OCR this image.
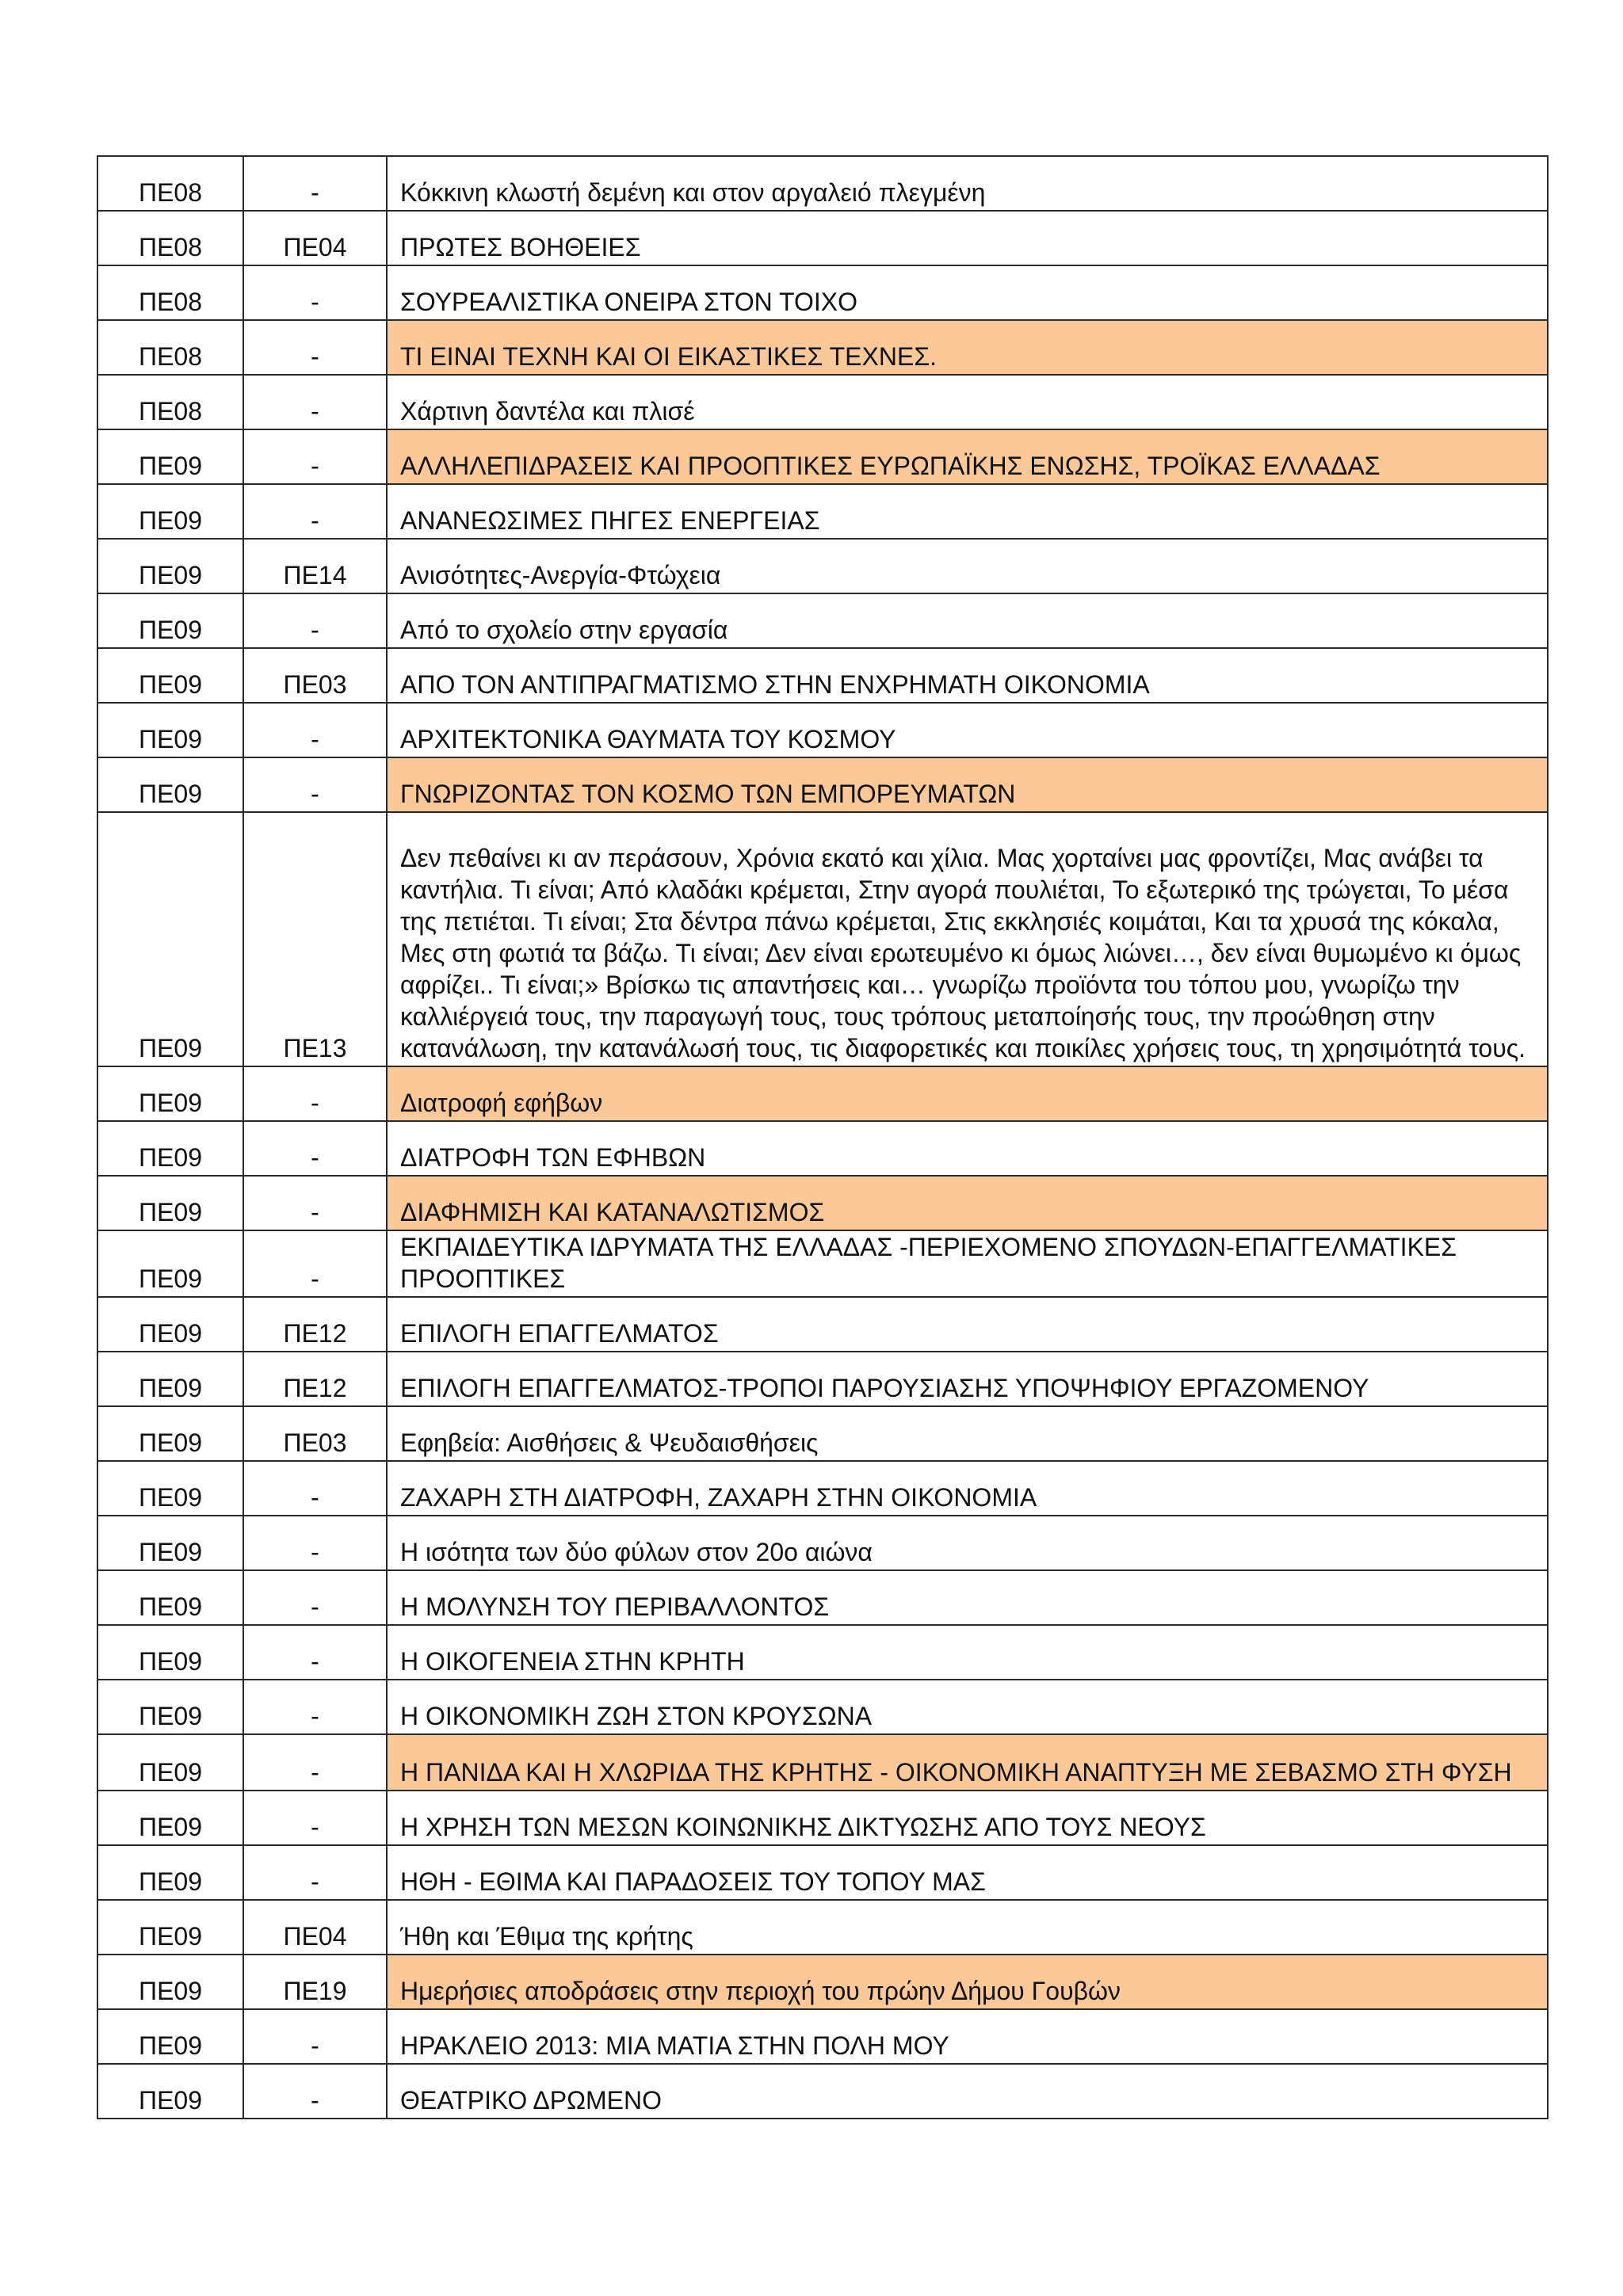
ΠΕ08	-	Κόκκινη κλωστή δεμένη και στον αργαλειό πλεγμένη
ΠΕ08	ΠΕ04	ΠΡΩΤΕΣ ΒΟΗΘΕΙΕΣ
ΠΕ08	-	ΣΟΥΡΕΑΛΙΣΤΙΚΑ ΟΝΕΙΡΑ ΣΤΟΝ ΤΟΙΧΟ
ΠΕ08	-	ΤΙ ΕΙΝΑΙ ΤΕΧΝΗ ΚΑΙ ΟΙ ΕΙΚΑΣΤΙΚΕΣ ΤΕΧΝΕΣ.
ΠΕ08	-	Χάρτινη δαντέλα και πλισέ
ΠΕ09	-	ΑΛΛΗΛΕΠΙΔΡΑΣΕΙΣ ΚΑΙ ΠΡΟΟΠΤΙΚΕΣ ΕΥΡΩΠΑΪΚΗΣ ΕΝΩΣΗΣ, ΤΡΟΪΚΑΣ ΕΛΛΑΔΑΣ
ΠΕ09	-	ΑΝΑΝΕΩΣΙΜΕΣ ΠΗΓΕΣ ΕΝΕΡΓΕΙΑΣ
ΠΕ09	ΠΕ14	Ανισότητες-Ανεργία-Φτώχεια
ΠΕ09	-	Από το σχολείο στην εργασία
ΠΕ09	ΠΕ03	ΑΠΟ ΤΟΝ ΑΝΤΙΠΡΑΓΜΑΤΙΣΜΟ ΣΤΗΝ ΕΝΧΡΗΜΑΤΗ ΟΙΚΟΝΟΜΙΑ
ΠΕ09	-	ΑΡΧΙΤΕΚΤΟΝΙΚΑ ΘΑΥΜΑΤΑ ΤΟΥ ΚΟΣΜΟΥ
ΠΕ09	-	ΓΝΩΡΙΖΟΝΤΑΣ ΤΟΝ ΚΟΣΜΟ ΤΩΝ ΕΜΠΟΡΕΥΜΑΤΩΝ
ΠΕ09	ΠΕ13	Δεν πεθαίνει κι αν περάσουν, Χρόνια εκατό και χίλια. Μας χορταίνει μας φροντίζει, Μας ανάβει τα καντήλια. Τι είναι; Από κλαδάκι κρέμεται, Στην αγορά πουλιέται, Το εξωτερικό της τρώγεται, Το μέσα της πετιέται. Τι είναι; Στα δέντρα πάνω κρέμεται, Στις εκκλησιές κοιμάται, Και τα χρυσά της κόκαλα, Μες στη φωτιά τα βάζω. Τι είναι; Δεν είναι ερωτευμένο κι όμως λιώνει…, δεν είναι θυμωμένο κι όμως αφρίζει.. Τι είναι;» Βρίσκω τις απαντήσεις και… γνωρίζω προϊόντα του τόπου μου, γνωρίζω την καλλιέργειά τους, την παραγωγή τους, τους τρόπους μεταποίησής τους, την προώθηση στην κατανάλωση, την κατανάλωσή τους, τις διαφορετικές και ποικίλες χρήσεις τους, τη χρησιμότητά τους.
ΠΕ09	-	Διατροφή εφήβων
ΠΕ09	-	ΔΙΑΤΡΟΦΗ ΤΩΝ ΕΦΗΒΩΝ
ΠΕ09	-	ΔΙΑΦΗΜΙΣΗ ΚΑΙ ΚΑΤΑΝΑΛΩΤΙΣΜΟΣ
ΠΕ09	-	ΕΚΠΑΙΔΕΥΤΙΚΑ ΙΔΡΥΜΑΤΑ ΤΗΣ ΕΛΛΑΔΑΣ -ΠΕΡΙΕΧΟΜΕΝΟ ΣΠΟΥΔΩΝ-ΕΠΑΓΓΕΛΜΑΤΙΚΕΣ ΠΡΟΟΠΤΙΚΕΣ
ΠΕ09	ΠΕ12	ΕΠΙΛΟΓΗ ΕΠΑΓΓΕΛΜΑΤΟΣ
ΠΕ09	ΠΕ12	ΕΠΙΛΟΓΗ ΕΠΑΓΓΕΛΜΑΤΟΣ-ΤΡΟΠΟΙ ΠΑΡΟΥΣΙΑΣΗΣ ΥΠΟΨΗΦΙΟΥ ΕΡΓΑΖΟΜΕΝΟΥ
ΠΕ09	ΠΕ03	Εφηβεία: Αισθήσεις & Ψευδαισθήσεις
ΠΕ09	-	ΖΑΧΑΡΗ ΣΤΗ ΔΙΑΤΡΟΦΗ, ΖΑΧΑΡΗ ΣΤΗΝ ΟΙΚΟΝΟΜΙΑ
ΠΕ09	-	Η ισότητα των δύο φύλων στον 20ο αιώνα
ΠΕ09	-	Η ΜΟΛΥΝΣΗ ΤΟΥ ΠΕΡΙΒΑΛΛΟΝΤΟΣ
ΠΕ09	-	Η ΟΙΚΟΓΕΝΕΙΑ ΣΤΗΝ ΚΡΗΤΗ
ΠΕ09	-	Η ΟΙΚΟΝΟΜΙΚΗ ΖΩΗ ΣΤΟΝ ΚΡΟΥΣΩΝΑ
ΠΕ09	-	Η ΠΑΝΙΔΑ ΚΑΙ Η ΧΛΩΡΙΔΑ ΤΗΣ ΚΡΗΤΗΣ - ΟΙΚΟΝΟΜΙΚΗ ΑΝΑΠΤΥΞΗ ΜΕ ΣΕΒΑΣΜΟ ΣΤΗ ΦΥΣΗ
ΠΕ09	-	Η ΧΡΗΣΗ ΤΩΝ ΜΕΣΩΝ ΚΟΙΝΩΝΙΚΗΣ ΔΙΚΤΥΩΣΗΣ ΑΠΟ ΤΟΥΣ ΝΕΟΥΣ
ΠΕ09	-	ΗΘΗ - ΕΘΙΜΑ ΚΑΙ ΠΑΡΑΔΟΣΕΙΣ ΤΟΥ ΤΟΠΟΥ ΜΑΣ
ΠΕ09	ΠΕ04	Ήθη και Έθιμα της κρήτης
ΠΕ09	ΠΕ19	Ημερήσιες αποδράσεις στην περιοχή του πρώην Δήμου Γουβών
ΠΕ09	-	ΗΡΑΚΛΕΙΟ 2013: ΜΙΑ ΜΑΤΙΑ ΣΤΗΝ ΠΟΛΗ ΜΟΥ
ΠΕ09	-	ΘΕΑΤΡΙΚΟ ΔΡΩΜΕΝΟ
